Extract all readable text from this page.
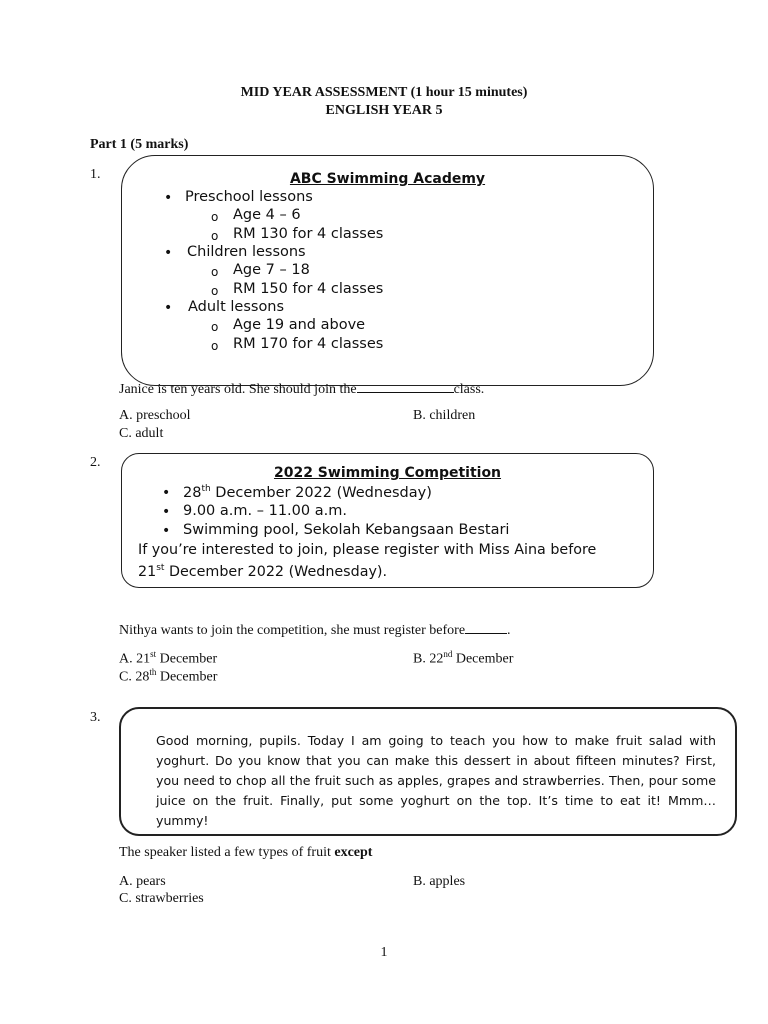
MID YEAR ASSESSMENT (1 hour 15 minutes)
ENGLISH YEAR 5
Part 1 (5 marks)
1.	ABC Swimming Academy
• Preschool lessons
o Age 4 – 6
o RM 130 for 4 classes
• Children lessons
o Age 7 – 18
o RM 150 for 4 classes
• Adult lessons
o Age 19 and above
o RM 170 for 4 classes
Janice is ten years old. She should join the	class.
A. preschool	B. children
C. adult
2.
2022 Swimming Competition
• 28th December 2022 (Wednesday)
• 9.00 a.m. – 11.00 a.m.
• Swimming pool, Sekolah Kebangsaan Bestari
If you’re interested to join, please register with Miss Aina before
21st December 2022 (Wednesday).
Nithya wants to join the competition, she must register before	.
A. 21st December	B. 22nd December
C. 28th December
3.
Good morning, pupils. Today I am going to teach you how to make fruit salad with yoghurt. Do you know that you can make this dessert in about fifteen minutes? First, you need to chop all the fruit such as apples, grapes and strawberries. Then, pour some juice on the fruit. Finally, put some yoghurt on the top. It’s time to eat it! Mmm…yummy!
The speaker listed a few types of fruit except
A. pears	B. apples
C. strawberries
1
